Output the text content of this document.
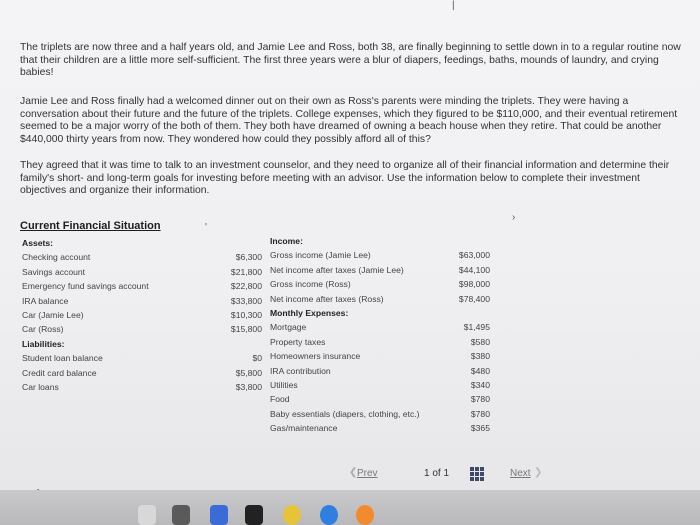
The triplets are now three and a half years old, and Jamie Lee and Ross, both 38, are finally beginning to settle down in to a regular routine now that their children are a little more self-sufficient. The first three years were a blur of diapers, feedings, baths, mounds of laundry, and crying babies!
Jamie Lee and Ross finally had a welcomed dinner out on their own as Ross's parents were minding the triplets. They were having a conversation about their future and the future of the triplets. College expenses, which they figured to be $110,000, and their eventual retirement seemed to be a major worry of the both of them. They both have dreamed of owning a beach house when they retire. That could be another $440,000 thirty years from now. They wondered how could they possibly afford all of this?
They agreed that it was time to talk to an investment counselor, and they need to organize all of their financial information and determine their family's short- and long-term goals for investing before meeting with an advisor. Use the information below to complete their investment objectives and organize their information.
Current Financial Situation
Assets:
Checking account
Savings account
Emergency fund savings account
IRA balance
Car (Jamie Lee)
Car (Ross)
Liabilities:
Student loan balance
Credit card balance
Car loans

$6,300
$21,800
$22,800
$33,800
$10,300
$15,800

$0
$5,800
$3,800
Income:
Gross income (Jamie Lee)
Net income after taxes (Jamie Lee)
Gross income (Ross)
Net income after taxes (Ross)
Monthly Expenses:
Mortgage
Property taxes
Homeowners insurance
IRA contribution
Utilities
Food
Baby essentials (diapers, clothing, etc.)
Gas/maintenance

$63,000
$44,100
$98,000
$78,400

$1,495
$580
$380
$480
$340
$780
$780
$365
❮ Prev	1 of 1	Next ❯
|
'
›
